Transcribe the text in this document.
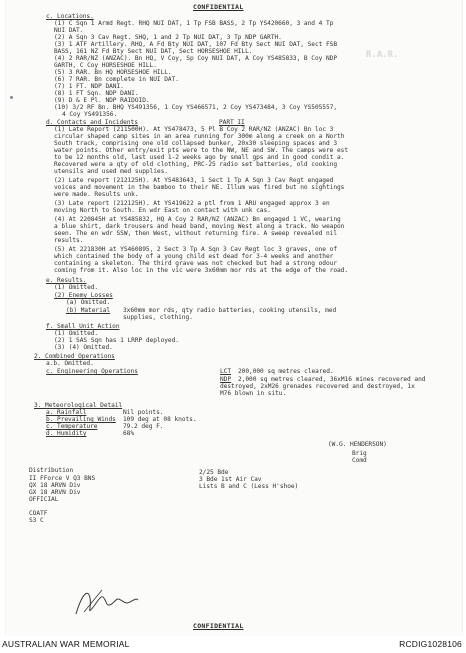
R.A.R.
CONFIDENTIAL
c. Locations.
(1) C Sqn 1 Armd Regt. RHQ NUI DAT, 1 Tp FSB BASS, 2 Tp YS420660, 3 and 4 Tp
NUI DAT.
(2) A Sqn 3 Cav Regt. SHQ, 1 and 2 Tp NUI DAT, 3 Tp NDP GARTH.
(3) 1 ATF Artillery. RHQ, A Fd Bty NUI DAT, 107 Fd Bty Sect NUI DAT, Sect FSB
BASS, 161 NZ Fd Bty Sect NUI DAT, Sect HORSESHOE HILL.
(4) 2 RAR/NZ (ANZAC). Bn HQ, V Coy, Sp Coy NUI DAT, A Coy YS485833, B Coy NDP
GARTH, C Coy HORSESHOE HILL.
(5) 3 RAR. Bn HQ HORSESHOE HILL.
(6) 7 RAR. Bn complete in NUI DAT.
(7) 1 FT. NDP DANI.
(8) 1 FT Sqn. NDP DANI.
(9) D & E Pl. NDP RAIDOID.
(10) 3/2 RF Bn. BHQ YS491356, 1 Coy YS466571, 2 Coy YS473484, 3 Coy YS505557,
4 Coy YS491356.
d. Contacts and Incidents	PART II
(1) Late Report (211500H). At YS478473, 5 Pl B Coy 2 RAR/NZ (ANZAC) Bn loc 3
circular shaped camp sites in an area running for 300m along a creek on a North
South track, comprising one old collapsed bunker, 20x30 sleeping spaces and 3
water points. Other entry/exit pts were to the NW, NE and SW. The camps were est
to be 12 months old, last used 1-2 weeks ago by small gps and in good condit a.
Recovered were a qty of old clothing, PRC-25 radio set batteries, old cooking
utensils and used med supplies.
(2) Late report (212125H). At YS483643, 1 Sect 1 Tp A Sqn 3 Cav Regt engaged
voices and movement in the bamboo to their NE. Illum was fired but no sightings
were made. Results unk.
(3) Late report (212125H). At YS419622 a ptl from 1 ARU engaged approx 3 en
moving North to South. En wdr East on contact with unk cas.
(4) At 220845H at YS485832, HQ A Coy 2 RAR/NZ (ANZAC) Bn engaged 1 VC, wearing
a blue shirt, dark trousers and head band, moving West along a track. No weapon
seen. The en wdr SSW, then West, without returning fire. A sweep revealed nil
results.
(5) At 221830H at YS460895, 2 Sect 3 Tp A Sqn 3 Cav Regt loc 3 graves, one of
which contained the body of a young child est dead for 3-4 weeks and another
containing a skeleton. The third grave was not checked but had a strong odour
coming from it. Also loc in the vic were 3x60mm mor rds at the edge of the road.
e. Results.
(1) Omitted.
(2) Enemy Losses
(a) Omitted.
(b) Material 3x60mm mor rds, qty radio batteries, cooking utensils, med
supplies, clothing.
f. Small Unit Action
(1) Omitted.
(2) 1 SAS Sqn has 1 LRRP deployed.
(3) (4) Omitted.
2. Combined Operations
a.b. Omitted.
c. Engineering Operations	LCT 200,000 sq metres cleared.
NDP 2,000 sq metres cleared, 36xM16 mines recovered and
destroyed, 2xM26 grenades recovered and destroyed, 1x
M76 blown in situ.
3. Meteorological Detail
a. Rainfall	Nil points.
b. Prevailing Winds 109 deg at 08 knots.
c. Temperature	79.2 deg F.
d. Humidity	68%
(W.G. HENDERSON)
Brig
Comd
Distribution
II FForce V Q3 BNS
QX 18 ARVN Div
GX 18 ARVN Div
OFFICIAL
COATF
S3 C
2/25 Bde
3 Bde 1st Air Cav
Lists B and C (Less H'shoe)
CONFIDENTIAL
AUSTRALIAN WAR MEMORIAL	RCDIG1028106
